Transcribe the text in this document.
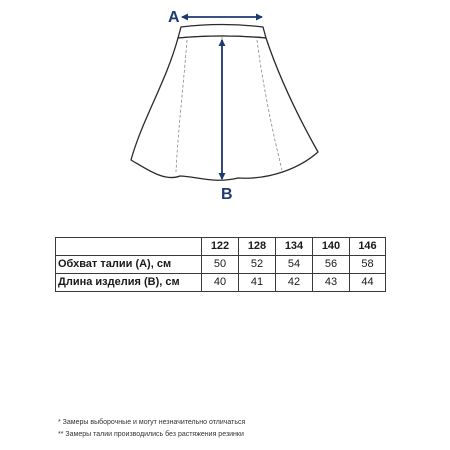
A
B
	122	128	134	140	146
Обхват талии (А), см	50	52	54	56	58
Длина изделия (В), см	40	41	42	43	44
* Замеры выборочные и могут незначительно отличаться
** Замеры талии производились без растяжения резинки
